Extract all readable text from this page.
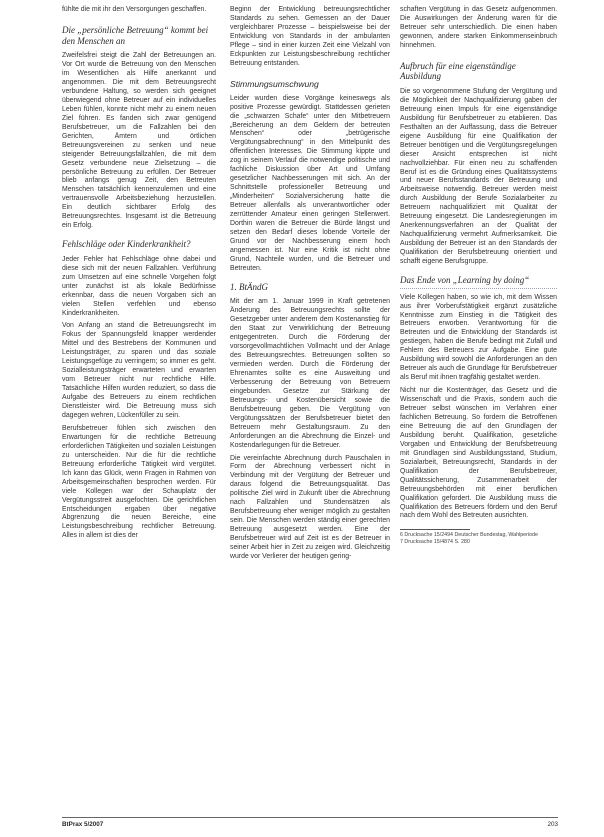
fühlte die mit ihr den Versorgungen geschaffen.

Die „persönliche Betreuung“ kommt bei den Menschen an

Zweifelsfrei steigt die Zahl der Betreuungen an. Vor Ort wurde die Betreuung von den Menschen im Wesentlichen als Hilfe anerkannt und angenommen. Die mit dem Betreuungsrecht verbundene Haltung, so werden sich geeignet überwiegend ohne Betreuer auf ein individuelles Leben fühlen, konnte nicht mehr zu einem neuen Ziel führen. Es fanden sich zwar genügend Berufsbetreuer, um die Fallzahlen bei den Gerichten, Ämtern und örtlichen Betreuungsvereinen zu senken und neue steigender Betreuungsfallzahlen, die mit dem Gesetz verbundene neue Zielsetzung – die persönliche Betreuung zu erfüllen. Der Betreuer blieb anfangs genug Zeit, den Betreuten Menschen tatsächlich kennenzulernen und eine vertrauensvolle Arbeitsbeziehung herzustellen. Ein deutlich sichtbarer Erfolg des Betreuungsrechtes. Insgesamt ist die Betreuung ein Erfolg.

Fehlschläge oder Kinderkrankheit?

Jeder Fehler hat Fehlschläge ohne dabei und diese sich mit der neuen Fallzahlen. Verführung zum Umsetzen auf eine schnelle Vorgehen folgt unter zunächst ist als lokale Bedürfnisse erkennbar, dass die neuen Vorgaben sich an vielen Stellen verfehlen und ebenso Kinderkrankheiten.

Von Anfang an stand die Betreuungsrecht im Fokus der Spannungsfeld knapper werdender Mittel und des Bestrebens der Kommunen und Leistungsträger, zu sparen und das soziale Leistungsgefüge zu verringern; so immer es geht. Sozialleistungsträger erwarteten und erwarten vom Betreuer nicht nur rechtliche Hilfe. Tatsächliche Hilfen wurden reduziert, so dass die Aufgabe des Betreuers zu einem rechtlichen Dienstleister wird. Die Betreuung muss sich dagegen wehren, Lückenfüller zu sein.

Berufsbetreuer fühlen sich zwischen den Erwartungen für die rechtliche Betreuung erforderlichen Tätigkeiten und sozialen Leistungen zu unterscheiden. Nur die für die rechtliche Betreuung erforderliche Tätigkeit wird vergütet. Ich kann das Glück, wenn Fragen in Rahmen von Arbeitsgemeinschaften besprochen werden. Für viele Kollegen war der Schauplatz der Vergütungsstreit ausgefochten. Die gerichtlichen Entscheidungen ergaben über negative Abgrenzung die neuen Bereiche, eine Leistungsbeschreibung rechtlicher Betreuung. Alles in allem ist dies der

Beginn der Entwicklung betreuungsrechtlicher Standards zu sehen. Gemessen an der Dauer vergleichbarer Prozesse – beispielsweise bei der Entwicklung von Standards in der ambulanten Pflege – sind in einer kurzen Zeit eine Vielzahl von Eckpunkten zur Leistungsbeschreibung rechtlicher Betreuung entstanden.

Stimmungsumschwung

Leider wurden diese Vorgänge keineswegs als positive Prozesse gewürdigt. Stattdessen gerieten die „schwarzen Schafe“ unter den Mitbetreuern „Bereicherung an dem Geldern der betreuten Menschen“ oder „betrügerische Vergütungsabrechnung“ in den Mittelpunkt des öffentlichen Interesses. Die Stimmung kippte und zog in seinem Verlauf die notwendige politische und fachliche Diskussion über Art und Umfang gesetzlicher Nachbesserungen mit sich. An der Schnittstelle professioneller Betreuung und „Minderheiten“ Sozialversicherung hatte die Betreuer allenfalls als unverantwortlicher oder zerrüttender Amateur einen geringen Stellenwert. Dorthin waren die Betreuer die Bürde längst und setzen den Bedarf dieses lobende Vorteile der Grund vor der Nachbesserung einem hoch angemessen ist. Nur eine Kritik ist nicht ohne Grund, Nachteile wurden, und die Betreuer und Betreuten.

1. BtÄndG

Mit der am 1. Januar 1999 in Kraft getretenen Änderung des Betreuungsrechts sollte der Gesetzgeber unter anderem dem Kostenanstieg für den Staat zur Verwirklichung der Betreuung entgegentreten. Durch die Förderung der vorsorgevollmachtlichen Vollmacht und der Anlage des Betreuungsrechtes. Betreuungen sollten so vermieden werden. Durch die Förderung der Ehrenamtes sollte es eine Ausweitung und Verbesserung der Betreuung von Betreuern eingebunden. Gesetze zur Stärkung der Betreuungs- und Kostenübersicht sowie die Berufsbetreuung geben. Die Vergütung von Vergütungssätzen der Berufsbetreuer bietet den Betreuern mehr Gestaltungsraum. Zu den Anforderungen an die Abrechnung die Einzel- und Kostendarlegungen für die Betreuer.

Die vereinfachte Abrechnung durch Pauschalen in Form der Abrechnung verbessert nicht in Verbindung mit der Vergütung der Betreuer und daraus folgend die Betreuungsqualität. Das politische Ziel wird in Zukunft über die Abrechnung nach Fallzahlen und Stundensätzen als Berufsbetreuung eher weniger möglich zu gestalten sein. Die Menschen werden ständig einer gerechten Betreuung ausgesetzt werden. Eine der Berufsbetreuer wird auf Zeit ist es der Betreuer in seiner Arbeit hier in Zeit zu zeigen wird. Gleichzeitig wurde vor Verlierer der heutigen gering-

schaften Vergütung in das Gesetz aufgenommen. Die Auswirkungen der Änderung waren für die Betreuer sehr unterschiedlich. Die einen haben gewonnen, andere starken Einkommenseinbruch hinnehmen.

Aufbruch für eine eigenständige Ausbildung

Die so vorgenommene Stufung der Vergütung und die Möglichkeit der Nachqualifizierung gaben der Betreuung einen Impuls für eine eigenständige Ausbildung für Berufsbetreuer zu etablieren. Das Festhalten an der Auffassung, dass die Betreuer eigene Ausbildung für eine Qualifikation der Betreuer benötigen und die Vergütungsregelungen dieser Ansicht entsprechen ist nicht nachvollziehbar. Für einen neu zu schaffenden Beruf ist es die Gründung eines Qualitätssystems und neuer Berufsstandards der Betreuung und Arbeitsweise notwendig. Betreuer werden meist durch Ausbildung der Berufe Sozialarbeiter zu Betreuern nachqualifiziert mit Qualität der Betreuung eingesetzt. Die Landesregierungen im Anerkennungsverfahren an der Qualität der Nachqualifizierung vermehrt Aufmerksamkeit. Die Ausbildung der Betreuer ist an den Standards der Qualifikation der Berufsbetreuung orientiert und schafft eigene Berufsgruppe.

Das Ende von „Learning by doing“

Viele Kollegen haben, so wie ich, mit dem Wissen aus ihrer Vorberufstätigkeit ergänzt zusätzliche Kenntnisse zum Einstieg in die Tätigkeit des Betreuers erworben. Verantwortung für die Betreuten und die Entwicklung der Standards ist gestiegen, haben die Berufe bedingt mit Zufall und Fehlern des Betreuers zur Aufgabe. Eine gute Ausbildung wird sowohl die Anforderungen an den Betreuer als auch die Grundlage für Berufsbetreuer als Beruf mit ihnen tragfähig gestaltet werden.

Nicht nur die Kostenträger, das Gesetz und die Wissenschaft und die Praxis, sondern auch die Betreuer selbst wünschen im Verfahren einer fachlichen Betreuung. So fordern die Betroffenen eine Betreuung die auf den Grundlagen der Ausbildung beruht. Qualifikation, gesetzliche Vorgaben und Entwicklung der Berufsbetreuung mit Grundlagen sind Ausbildungsstand, Studium, Sozialarbeit, Betreuungsrecht, Standards in der Qualifikation der Berufsbetreuer, Qualitätssicherung, Zusammenarbeit der Betreuungsbehörden mit einer beruflichen Qualifikation gefordert. Die Ausbildung muss die Qualifikation des Betreuers fördern und den Beruf nach dem Wohl des Betreuten ausrichten.

6 Drucksache 15/2494 Deutscher Bundestag, Wahlperiode

7 Drucksache 15/4874 S. 280

BtPrax 5/2007	203
